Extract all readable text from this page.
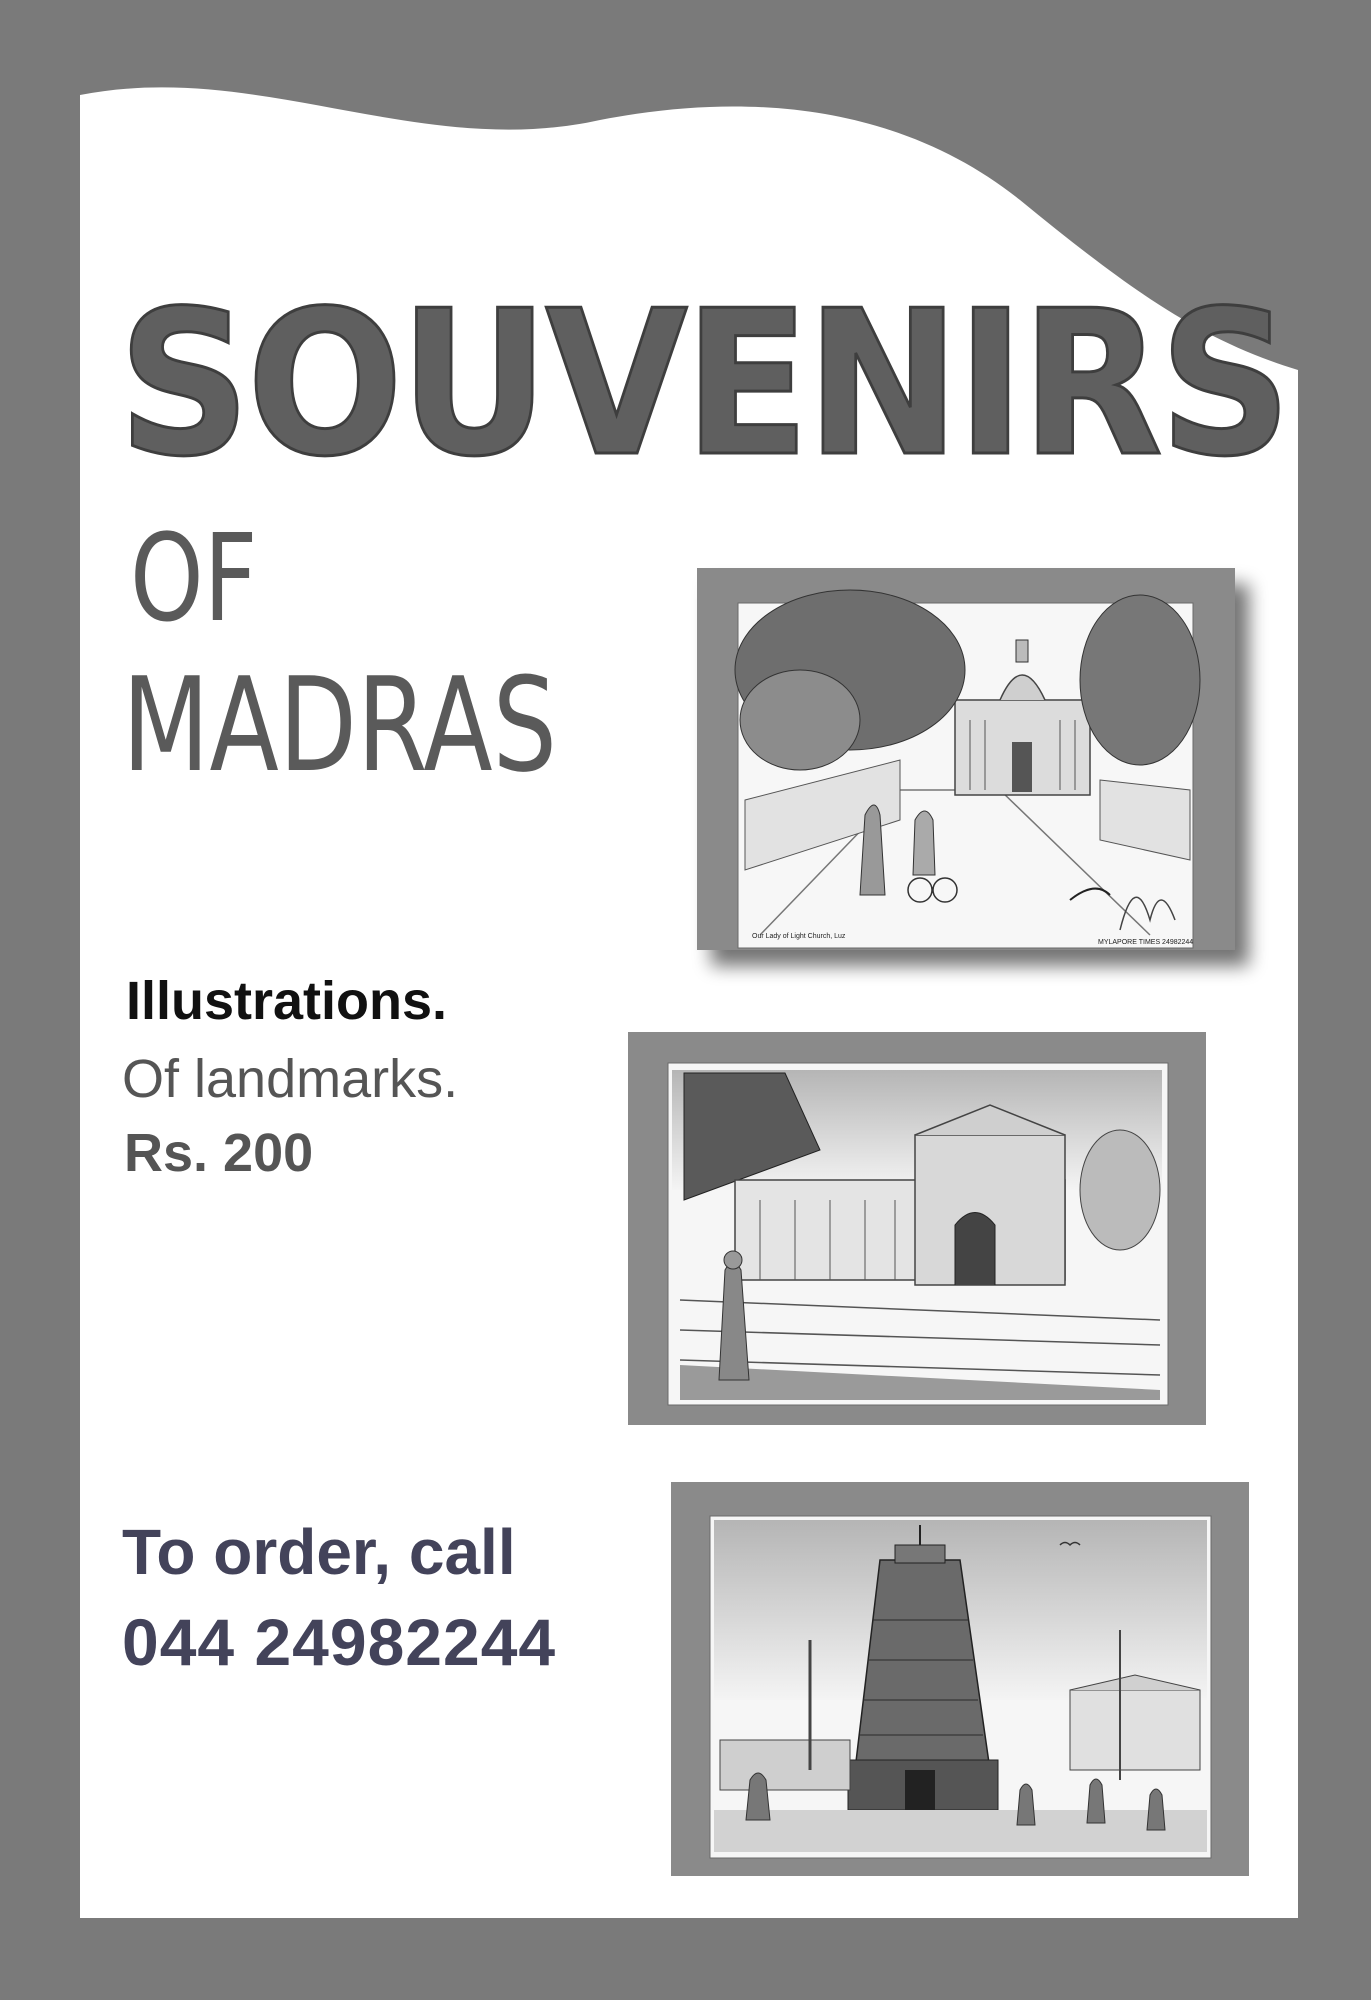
Our Lady of Light Church, Luz
MYLAPORE TIMES 24982244
SOUVENIRS
OF
MADRAS
Illustrations.
Of landmarks.
Rs. 200
To order, call
044 24982244
